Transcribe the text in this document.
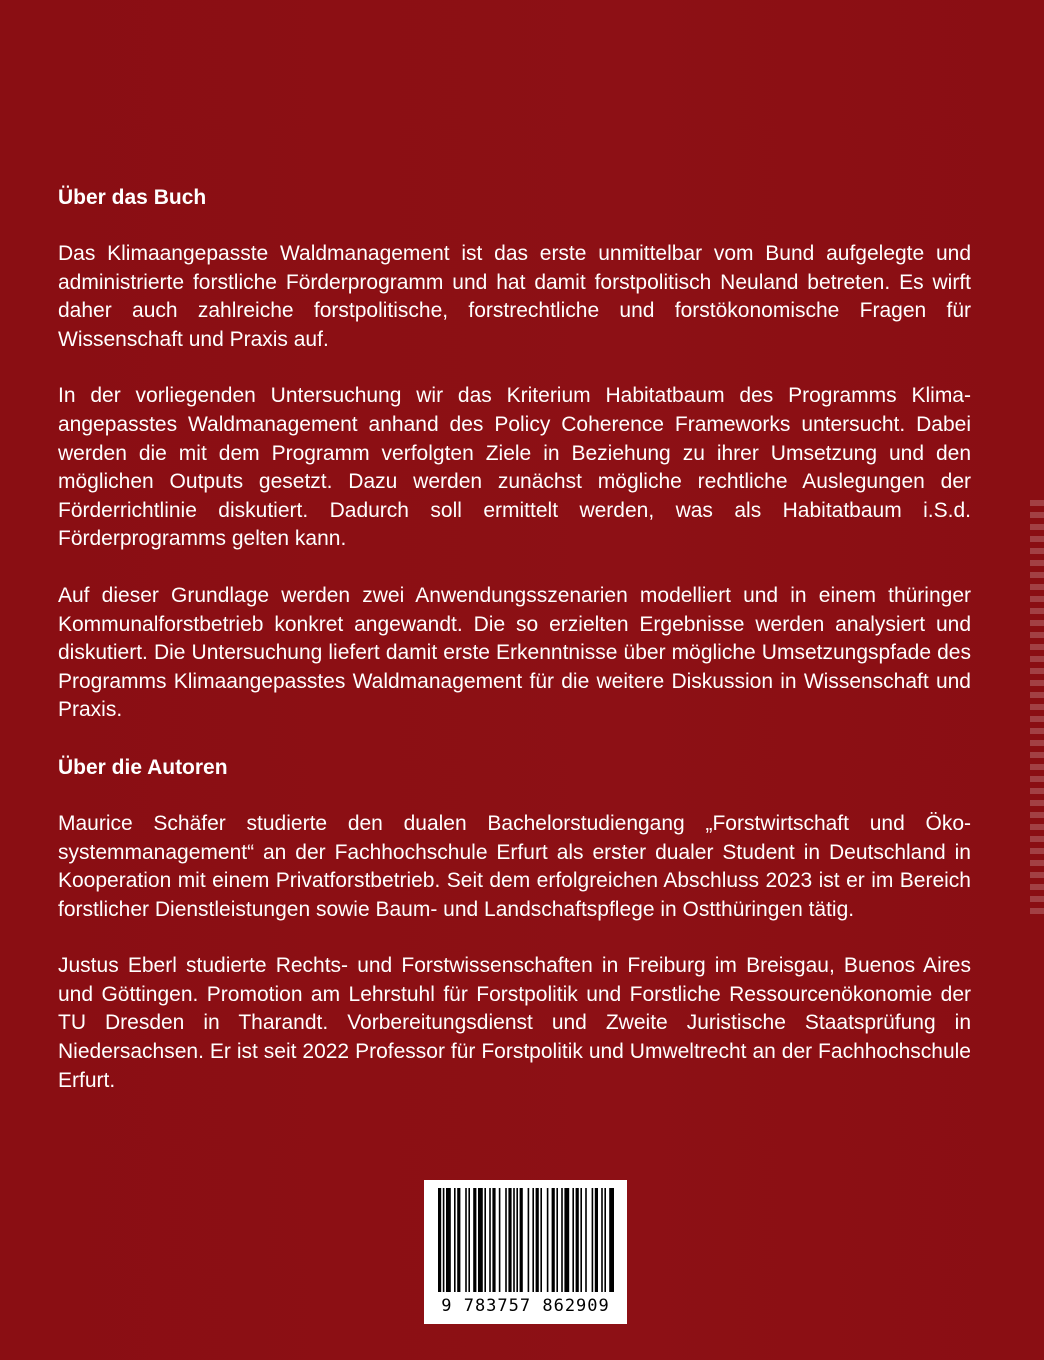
Über das Buch

Das Klimaangepasste Waldmanagement ist das erste unmittelbar vom Bund aufgelegte und administrierte forstliche Förderprogramm und hat damit forstpolitisch Neuland betreten. Es wirft daher auch zahlreiche forstpolitische, forstrechtliche und forstökonomische Fragen für Wissenschaft und Praxis auf.

In der vorliegenden Untersuchung wir das Kriterium Habitatbaum des Programms Klimaangepasstes Waldmanagement anhand des Policy Coherence Frameworks untersucht. Dabei werden die mit dem Programm verfolgten Ziele in Beziehung zu ihrer Umsetzung und den möglichen Outputs gesetzt. Dazu werden zunächst mögliche rechtliche Auslegungen der Förderrichtlinie diskutiert. Dadurch soll ermittelt werden, was als Habitatbaum i.S.d. Förderprogramms gelten kann.

Auf dieser Grundlage werden zwei Anwendungsszenarien modelliert und in einem thüringer Kommunalforstbetrieb konkret angewandt. Die so erzielten Ergebnisse werden analysiert und diskutiert. Die Untersuchung liefert damit erste Erkenntnisse über mögliche Umsetzungspfade des Programms Klimaangepasstes Waldmanagement für die weitere Diskussion in Wissenschaft und Praxis.

Über die Autoren

Maurice Schäfer studierte den dualen Bachelorstudiengang „Forstwirtschaft und Ökosystemmanagement“ an der Fachhochschule Erfurt als erster dualer Student in Deutschland in Kooperation mit einem Privatforstbetrieb. Seit dem erfolgreichen Abschluss 2023 ist er im Bereich forstlicher Dienstleistungen sowie Baum- und Landschaftspflege in Ostthüringen tätig.

Justus Eberl studierte Rechts- und Forstwissenschaften in Freiburg im Breisgau, Buenos Aires und Göttingen. Promotion am Lehrstuhl für Forstpolitik und Forstliche Ressourcenökonomie der TU Dresden in Tharandt. Vorbereitungsdienst und Zweite Juristische Staatsprüfung in Niedersachsen. Er ist seit 2022 Professor für Forstpolitik und Umweltrecht an der Fachhochschule Erfurt.

9 783757 862909
